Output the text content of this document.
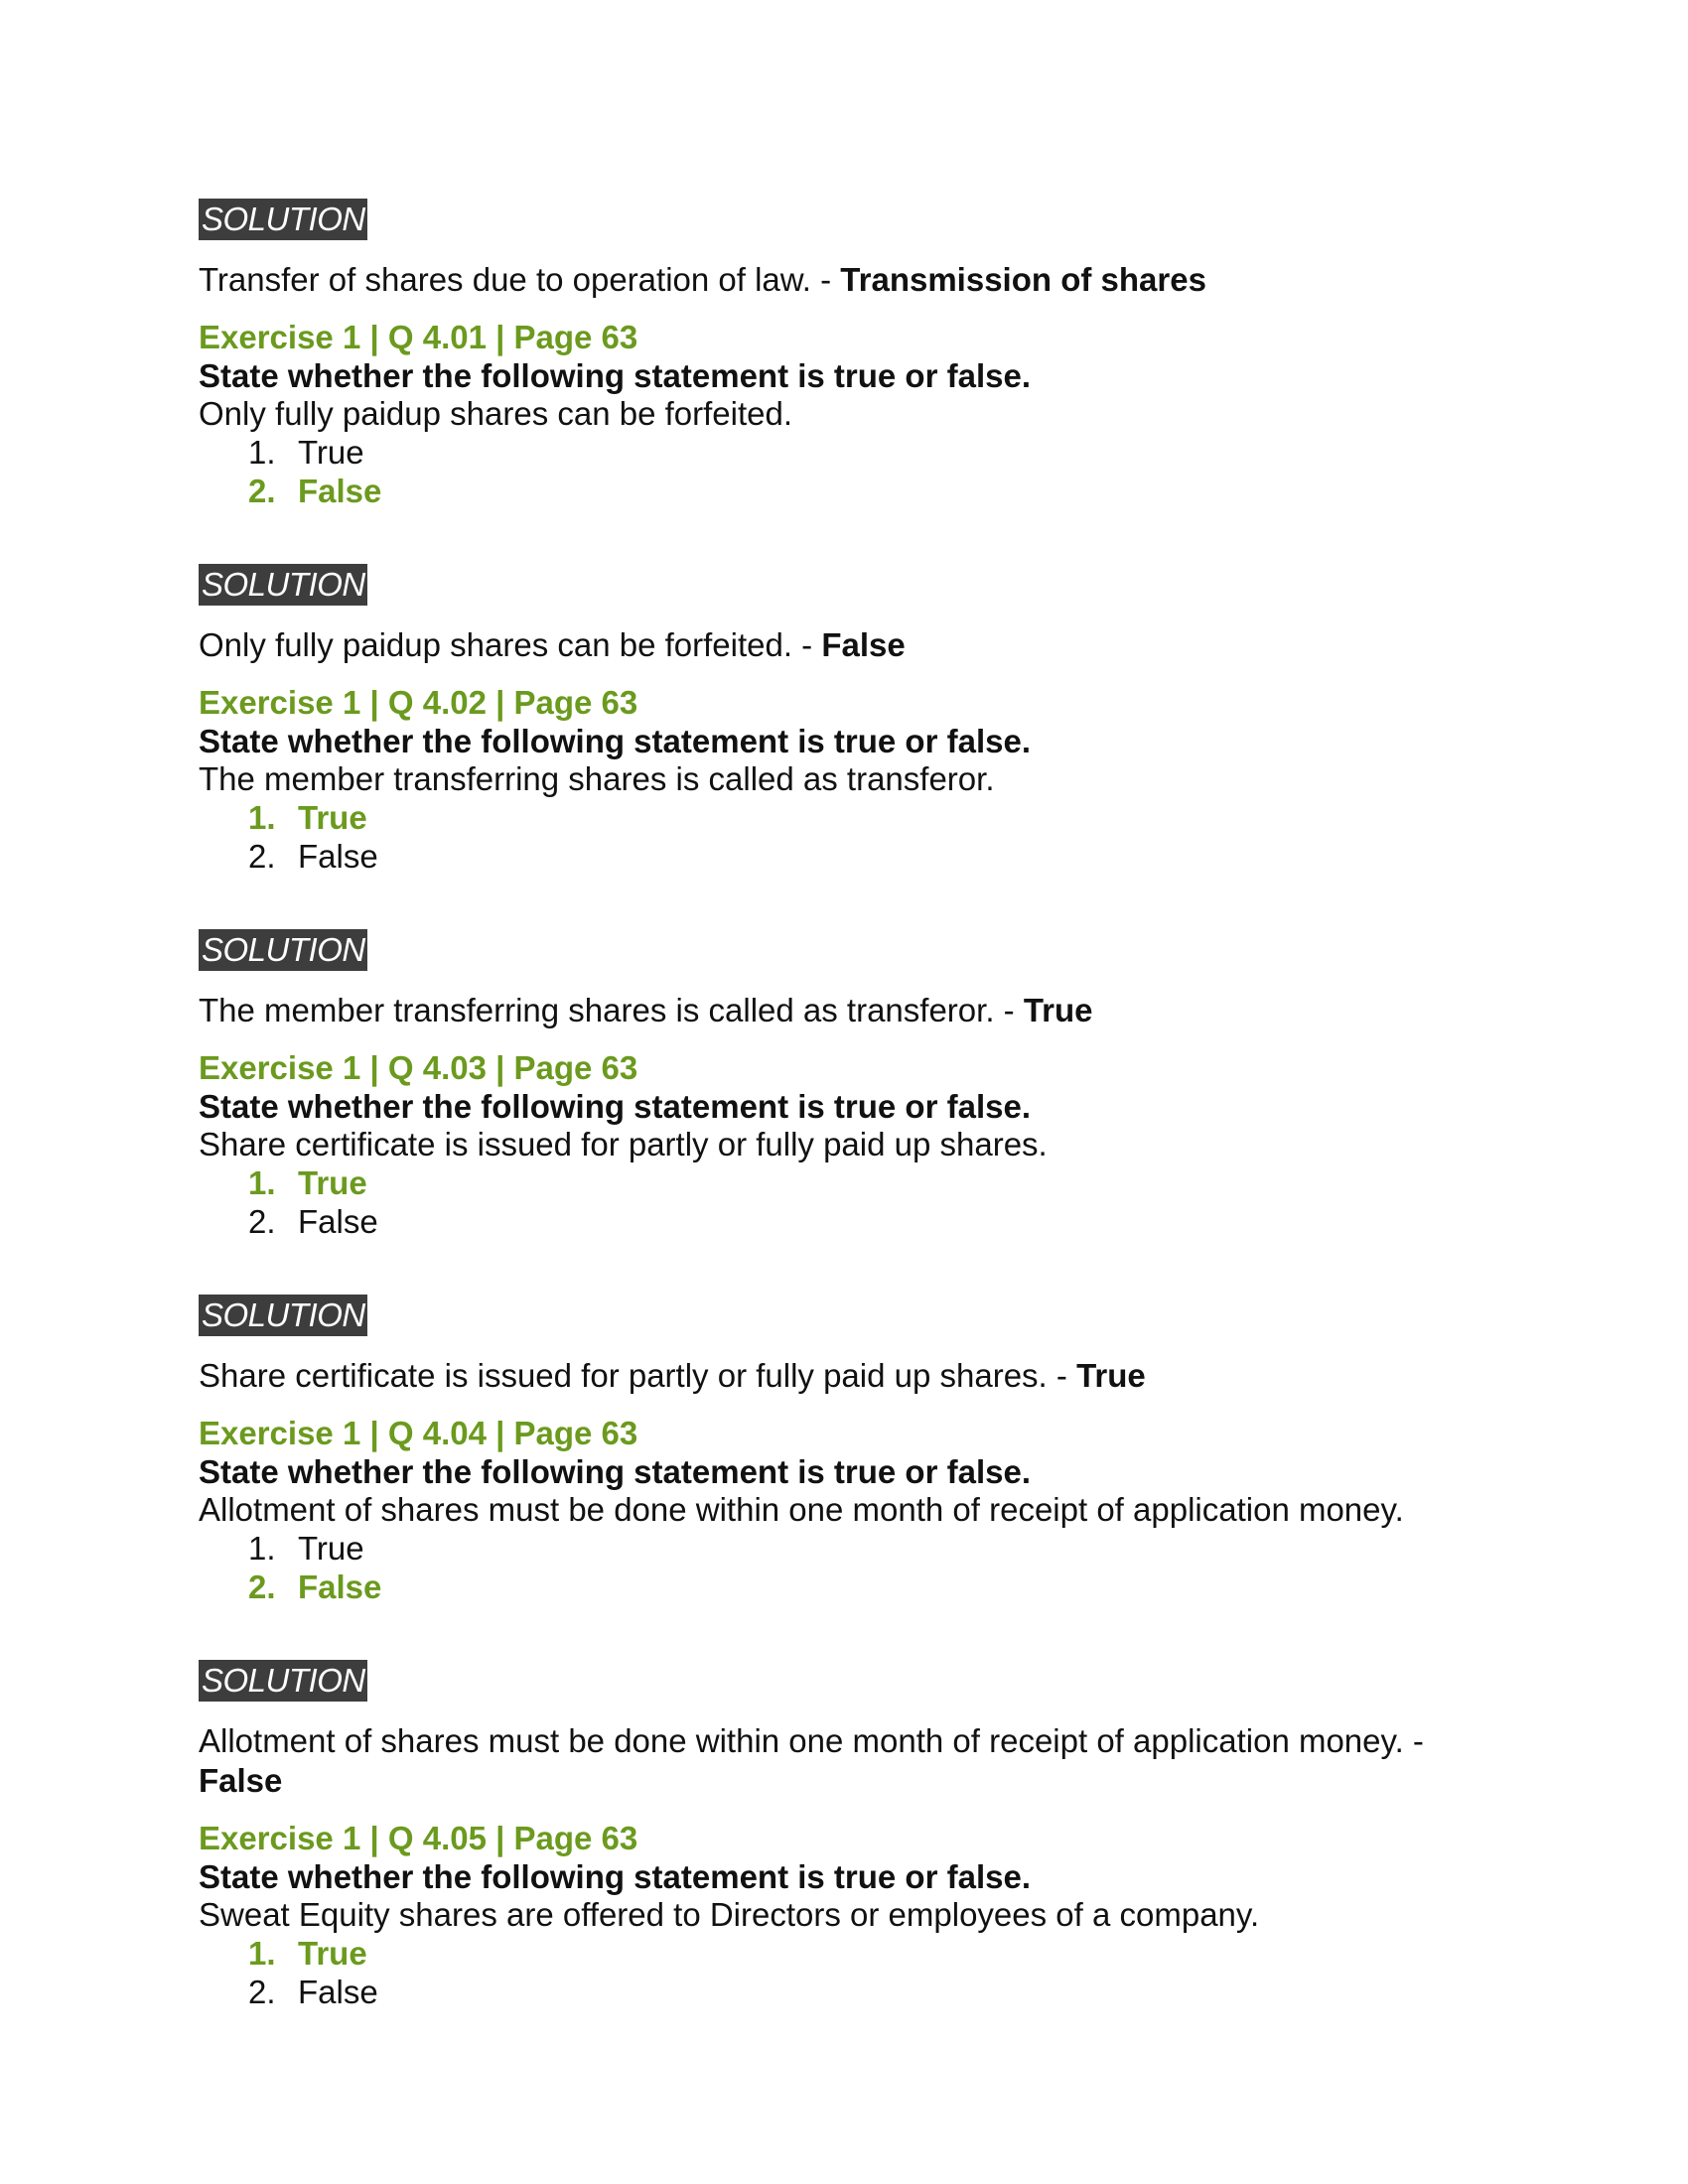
SOLUTION
Transfer of shares due to operation of law. - Transmission of shares
Exercise 1 | Q 4.01 | Page 63
State whether the following statement is true or false.
Only fully paidup shares can be forfeited.
1. True
2. False
SOLUTION
Only fully paidup shares can be forfeited. - False
Exercise 1 | Q 4.02 | Page 63
State whether the following statement is true or false.
The member transferring shares is called as transferor.
1. True
2. False
SOLUTION
The member transferring shares is called as transferor. - True
Exercise 1 | Q 4.03 | Page 63
State whether the following statement is true or false.
Share certificate is issued for partly or fully paid up shares.
1. True
2. False
SOLUTION
Share certificate is issued for partly or fully paid up shares. - True
Exercise 1 | Q 4.04 | Page 63
State whether the following statement is true or false.
Allotment of shares must be done within one month of receipt of application money.
1. True
2. False
SOLUTION
Allotment of shares must be done within one month of receipt of application money. - False
Exercise 1 | Q 4.05 | Page 63
State whether the following statement is true or false.
Sweat Equity shares are offered to Directors or employees of a company.
1. True
2. False
